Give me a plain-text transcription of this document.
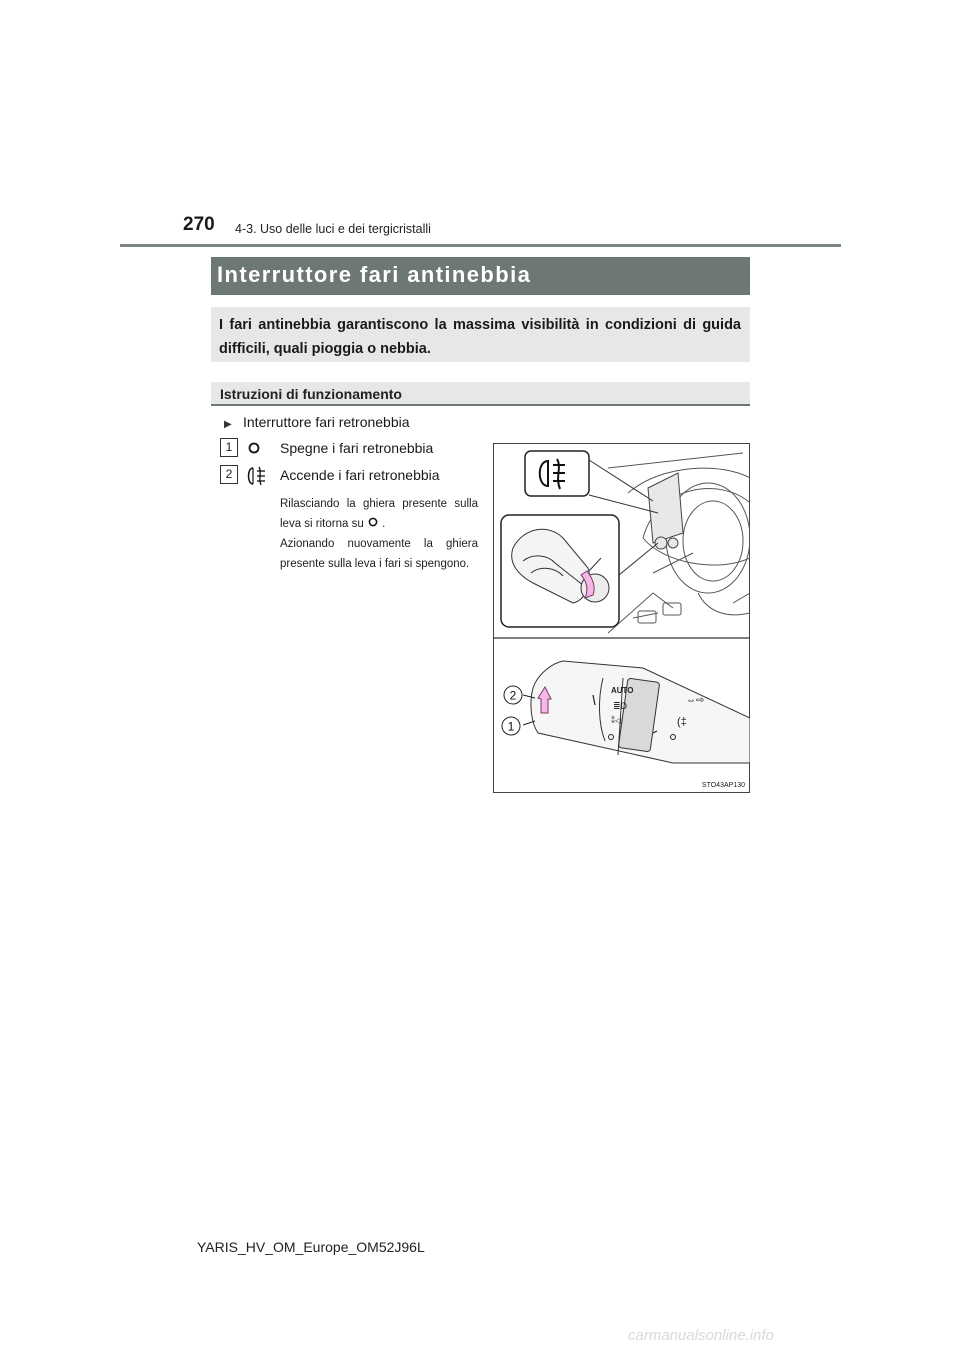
270 4-3. Uso delle luci e dei tergicristalli
Interruttore fari antinebbia
I fari antinebbia garantiscono la massima visibilità in condizioni di guida difficili, quali pioggia o nebbia.
Istruzioni di funzionamento
▶ Interruttore fari retronebbia
1	Spegne i fari retronebbia
2	Accende i fari retronebbia

Rilasciando la ghiera presente sulla leva si ritorna su .

Azionando nuovamente la ghiera presente sulla leva i fari si spengono.

AUTO
≣D
⁑◁	(‡
⇔⇨
2
1
STO43AP130
YARIS_HV_OM_Europe_OM52J96L
carmanualsonline.info
